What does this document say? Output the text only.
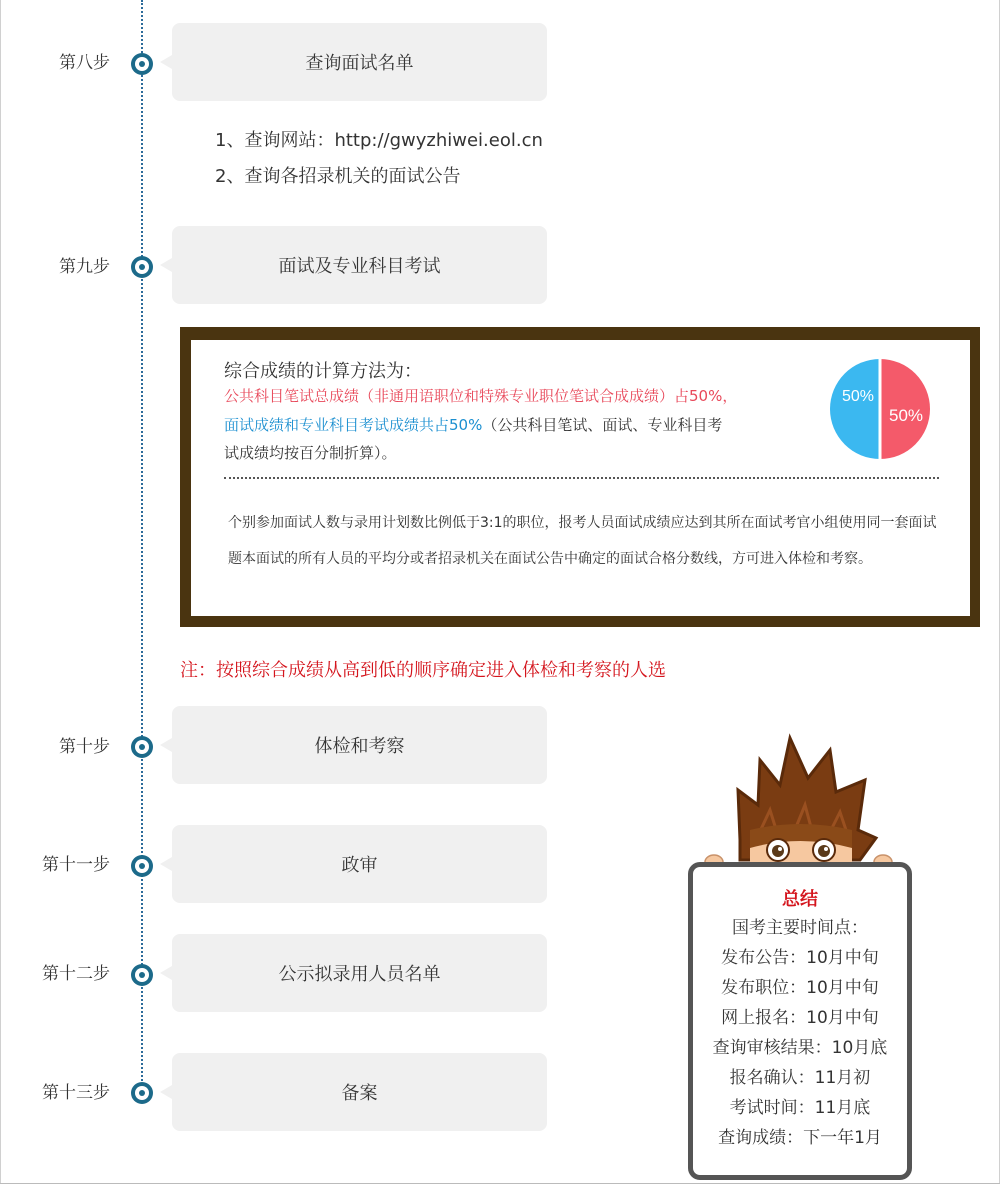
第八步	查询面试名单
1、查询网站：http://gwyzhiwei.eol.cn
2、查询各招录机关的面试公告
第九步	面试及专业科目考试
综合成绩的计算方法为：
公共科目笔试总成绩（非通用语职位和特殊专业职位笔试合成成绩）占50%，
面试成绩和专业科目考试成绩共占50%（公共科目笔试、面试、专业科目考
试成绩均按百分制折算）。
50%
50%
个别参加面试人数与录用计划数比例低于3:1的职位，报考人员面试成绩应达到其所在面试考官小组使用同一套面试题本面试的所有人员的平均分或者招录机关在面试公告中确定的面试合格分数线，方可进入体检和考察。
注：按照综合成绩从高到低的顺序确定进入体检和考察的人选
第十步	体检和考察
第十一步	政审
第十二步	公示拟录用人员名单
第十三步	备案
总结
国考主要时间点：
发布公告：10月中旬
发布职位：10月中旬
网上报名：10月中旬
查询审核结果：10月底
报名确认：11月初
考试时间：11月底
查询成绩：下一年1月
